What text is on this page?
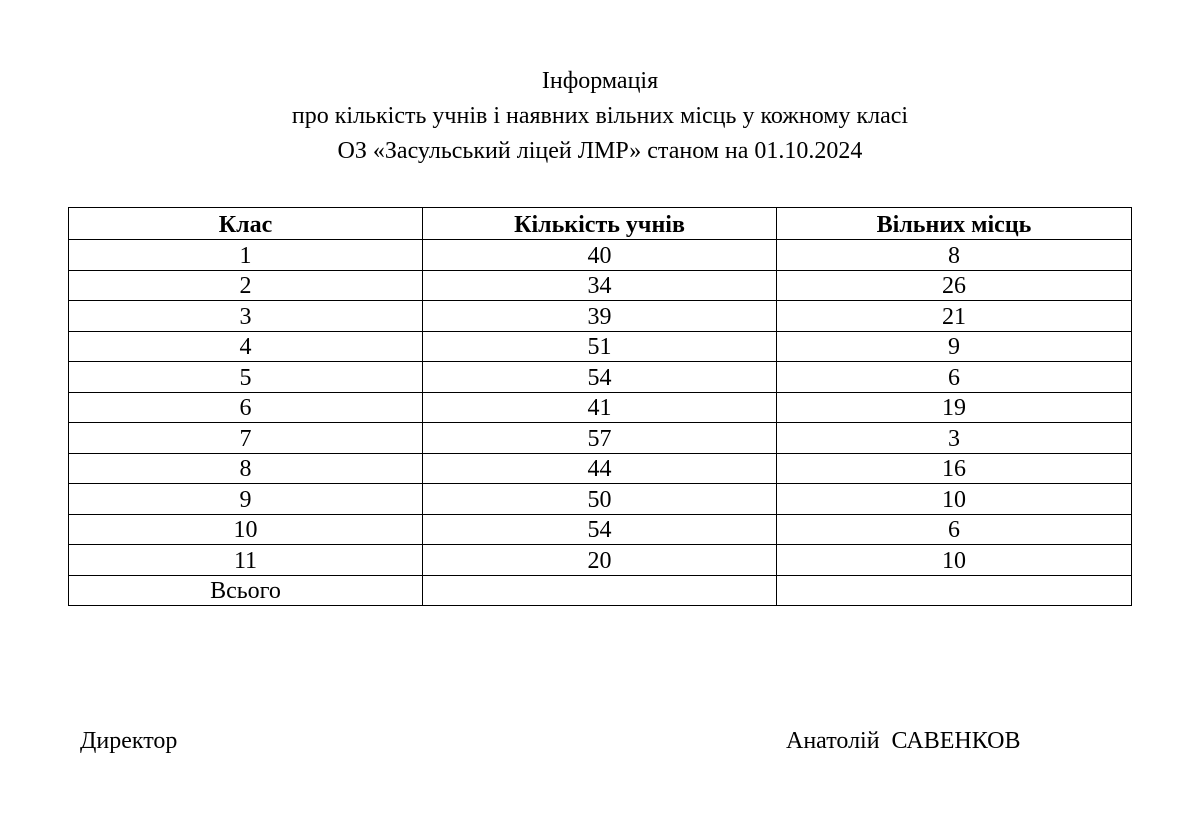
Інформація
про кількість учнів і наявних вільних місць у кожному класі
ОЗ «Засульський ліцей ЛМР» станом на 01.10.2024
Клас	Кількість учнів	Вільних місць
1	40	8
2	34	26
3	39	21
4	51	9
5	54	6
6	41	19
7	57	3
8	44	16
9	50	10
10	54	6
11	20	10
Всього		
Директор	Анатолій  САВЕНКОВ
